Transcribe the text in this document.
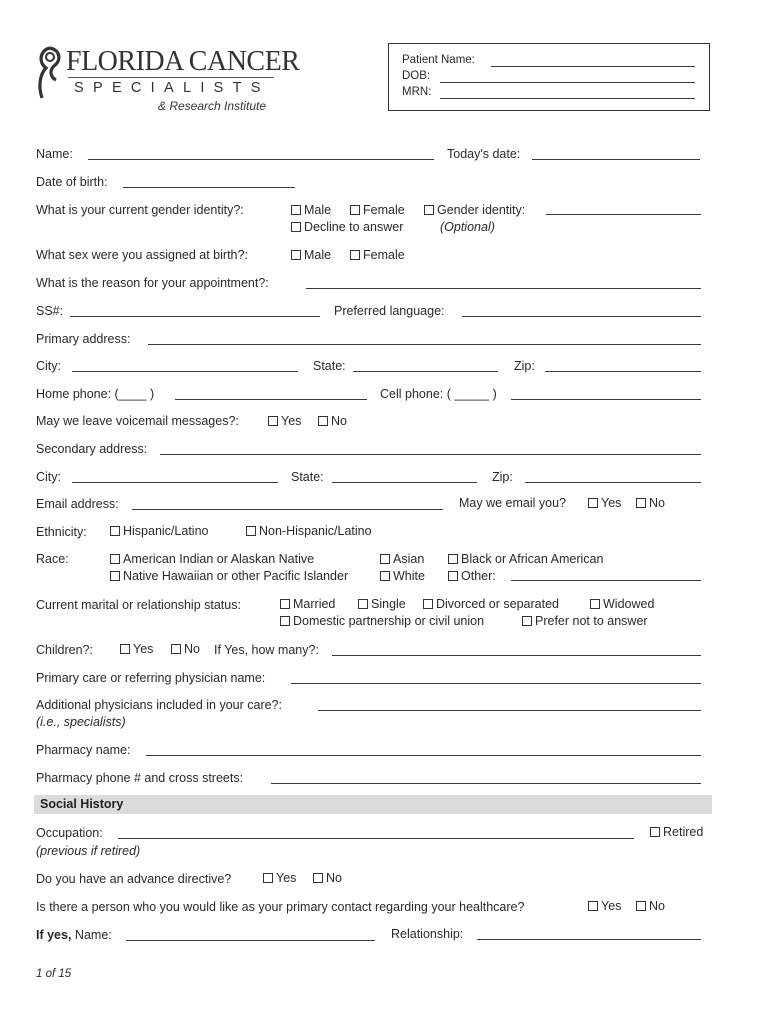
FLORIDA CANCER
SPECIALISTS
& Research Institute
Patient Name:
DOB:
MRN:
Name:	Today's date:
Date of birth:
What is your current gender identity?:	Male	Female	Gender identity:
Decline to answer	(Optional)
What sex were you assigned at birth?:	Male	Female
What is the reason for your appointment?:
SS#:	Preferred language:
Primary address:
City:	State:	Zip:
Home phone: (____ )	Cell phone: ( _____ )
May we leave voicemail messages?:	Yes	No
Secondary address:
City:	State:	Zip:
Email address:	May we email you?	Yes	No
Ethnicity:	Hispanic/Latino	Non-Hispanic/Latino
Race:	American Indian or Alaskan Native	Asian	Black or African American
Native Hawaiian or other Pacific Islander	White	Other:
Current marital or relationship status:	Married	Single	Divorced or separated	Widowed
Domestic partnership or civil union	Prefer not to answer
Children?:	Yes	No If Yes, how many?:
Primary care or referring physician name:
Additional physicians included in your care?:
(i.e., specialists)
Pharmacy name:
Pharmacy phone # and cross streets:
Social History
Occupation:
(previous if retired)
Retired
Do you have an advance directive?	Yes	No
Is there a person who you would like as your primary contact regarding your healthcare?	Yes	No
If yes, Name:	Relationship:
1 of 15
